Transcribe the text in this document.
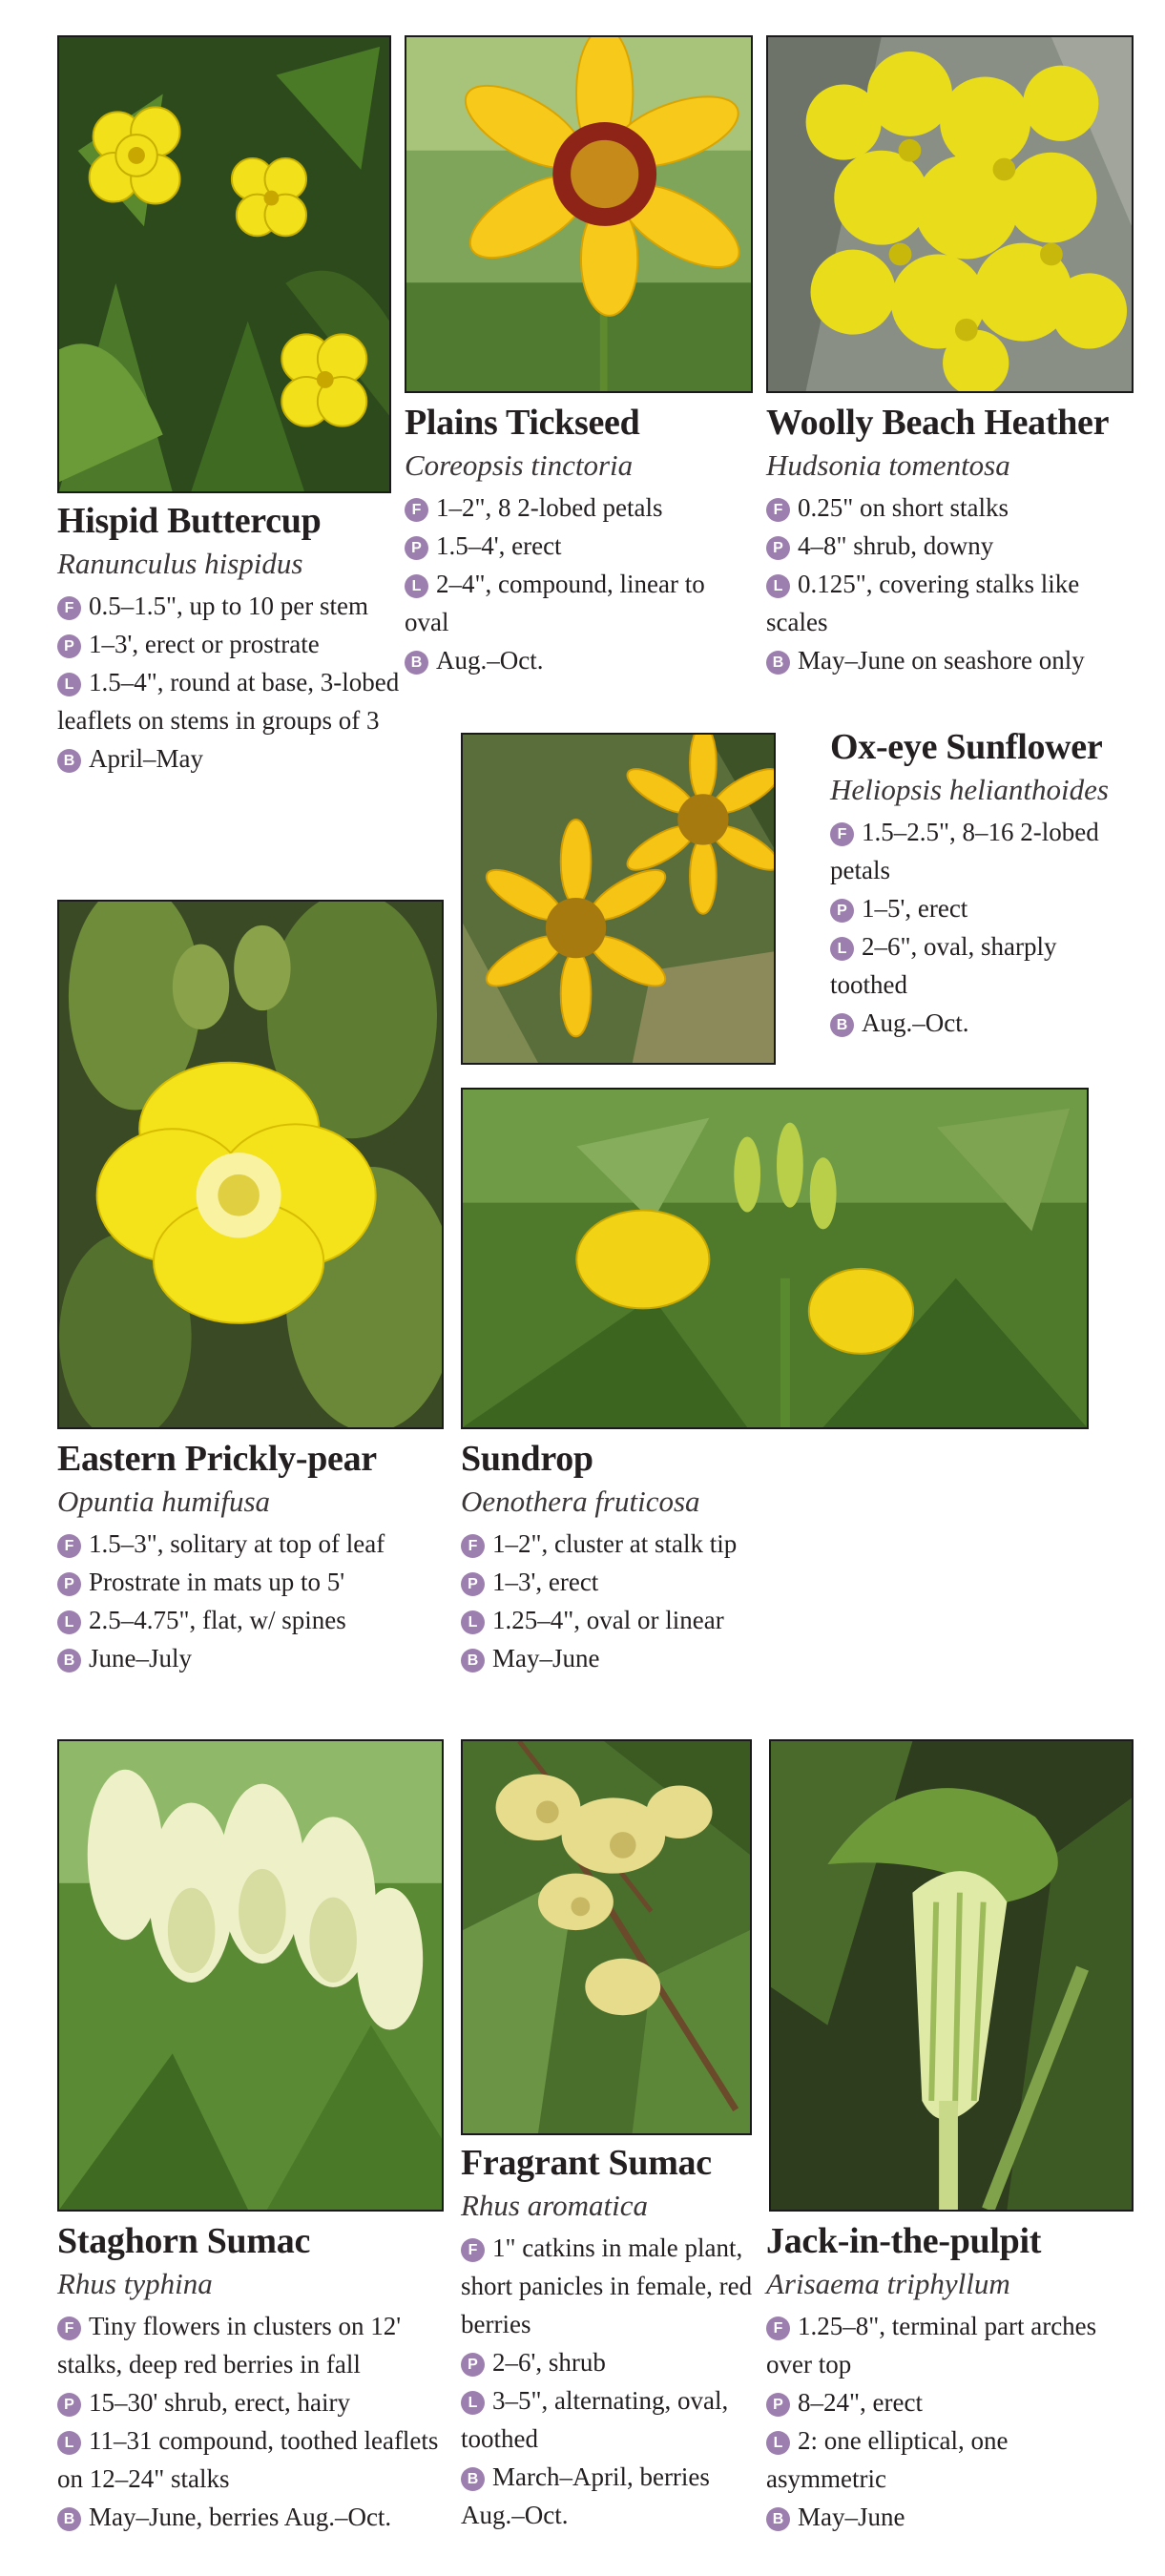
Hispid Buttercup

Ranunculus hispidus

F 0.5–1.5", up to 10 per stem

P 1–3', erect or prostrate

L 1.5–4", round at base, 3-lobed leaflets on stems in groups of 3

B April–May

Plains Tickseed

Coreopsis tinctoria

F 1–2", 8 2-lobed petals

P 1.5–4', erect

L 2–4", compound, linear to oval

B Aug.–Oct.

Woolly Beach Heather

Hudsonia tomentosa

F 0.25" on short stalks

P 4–8" shrub, downy

L 0.125", covering stalks like scales

B May–June on seashore only

Ox-eye Sunflower

Heliopsis helianthoides

F 1.5–2.5", 8–16 2-lobed petals

P 1–5', erect

L 2–6", oval, sharply toothed

B Aug.–Oct.

Eastern Prickly-pear

Opuntia humifusa

F 1.5–3", solitary at top of leaf

P Prostrate in mats up to 5'

L 2.5–4.75", flat, w/ spines

B June–July

Sundrop

Oenothera fruticosa

F 1–2", cluster at stalk tip

P 1–3', erect

L 1.25–4", oval or linear

B May–June

Staghorn Sumac

Rhus typhina

F Tiny flowers in clusters on 12' stalks, deep red berries in fall

P 15–30' shrub, erect, hairy

L 11–31 compound, toothed leaflets on 12–24" stalks

B May–June, berries Aug.–Oct.

Fragrant Sumac

Rhus aromatica

F 1" catkins in male plant, short panicles in female, red berries

P 2–6', shrub

L 3–5", alternating, oval, toothed

B March–April, berries Aug.–Oct.

Jack-in-the-pulpit

Arisaema triphyllum

F 1.25–8", terminal part arches over top

P 8–24", erect

L 2: one elliptical, one asymmetric

B May–June
